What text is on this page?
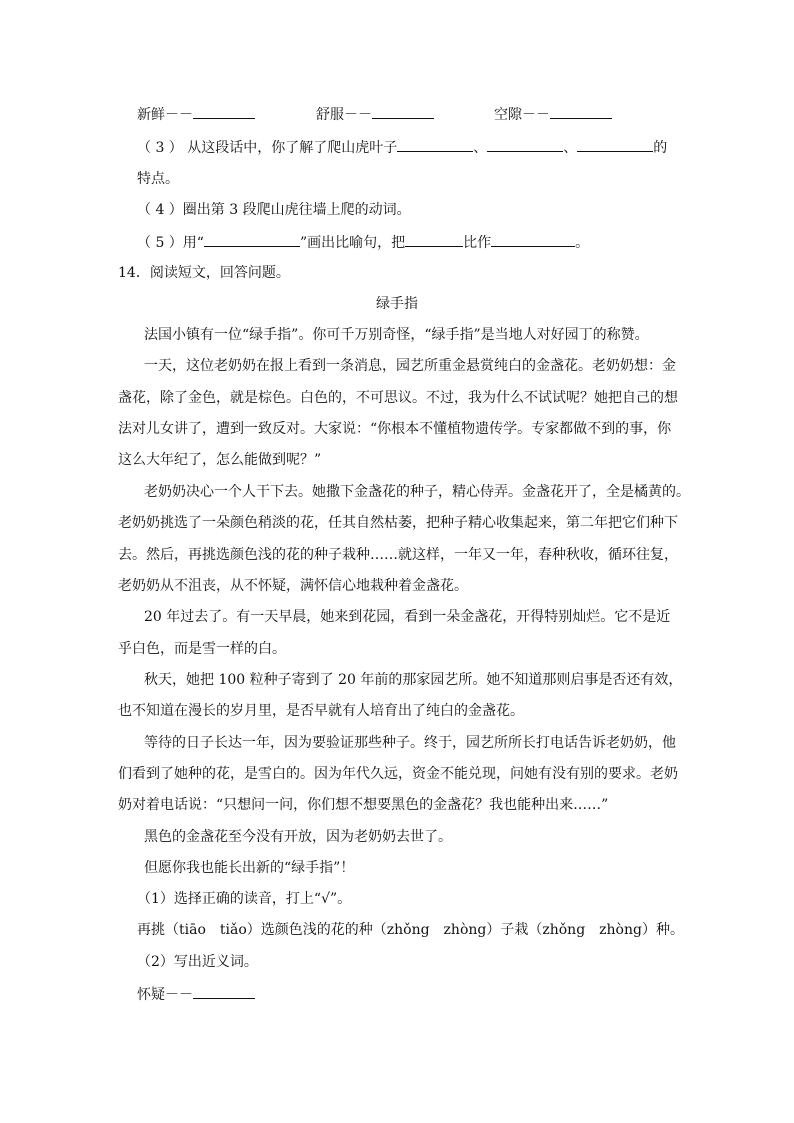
新鲜－－	舒服－－	空隙－－
（ 3 ） 从这段话中，你了解了爬山虎叶子	、	、	的
特点。
（ 4 ）圈出第 3 段爬山虎往墙上爬的动词。
（ 5 ）用“	”画出比喻句，把	比作	。
14．阅读短文，回答问题。
绿手指
法国小镇有一位“绿手指”。你可千万别奇怪，“绿手指”是当地人对好园丁的称赞。
一天，这位老奶奶在报上看到一条消息，园艺所重金悬赏纯白的金盏花。老奶奶想：金
盏花，除了金色，就是棕色。白色的，不可思议。不过，我为什么不试试呢？她把自己的想
法对儿女讲了，遭到一致反对。大家说：“你根本不懂植物遗传学。专家都做不到的事，你
这么大年纪了，怎么能做到呢？”
老奶奶决心一个人干下去。她撒下金盏花的种子，精心侍弄。金盏花开了，全是橘黄的。
老奶奶挑选了一朵颜色稍淡的花，任其自然枯萎，把种子精心收集起来，第二年把它们种下
去。然后，再挑选颜色浅的花的种子栽种……就这样，一年又一年，春种秋收，循环往复，
老奶奶从不沮丧，从不怀疑，满怀信心地栽种着金盏花。
20 年过去了。有一天早晨，她来到花园，看到一朵金盏花，开得特别灿烂。它不是近
乎白色，而是雪一样的白。
秋天，她把 100 粒种子寄到了 20 年前的那家园艺所。她不知道那则启事是否还有效，
也不知道在漫长的岁月里，是否早就有人培育出了纯白的金盏花。
等待的日子长达一年，因为要验证那些种子。终于，园艺所所长打电话告诉老奶奶，他
们看到了她种的花，是雪白的。因为年代久远，资金不能兑现，问她有没有别的要求。老奶
奶对着电话说：“只想问一问，你们想不想要黑色的金盏花？我也能种出来……”
黑色的金盏花至今没有开放，因为老奶奶去世了。
但愿你我也能长出新的“绿手指”！
（1）选择正确的读音，打上“√”。
再挑（tiāo　tiǎo）选颜色浅的花的种（zhǒng　zhòng）子栽（zhǒng　zhòng）种。
（2）写出近义词。
怀疑－－
